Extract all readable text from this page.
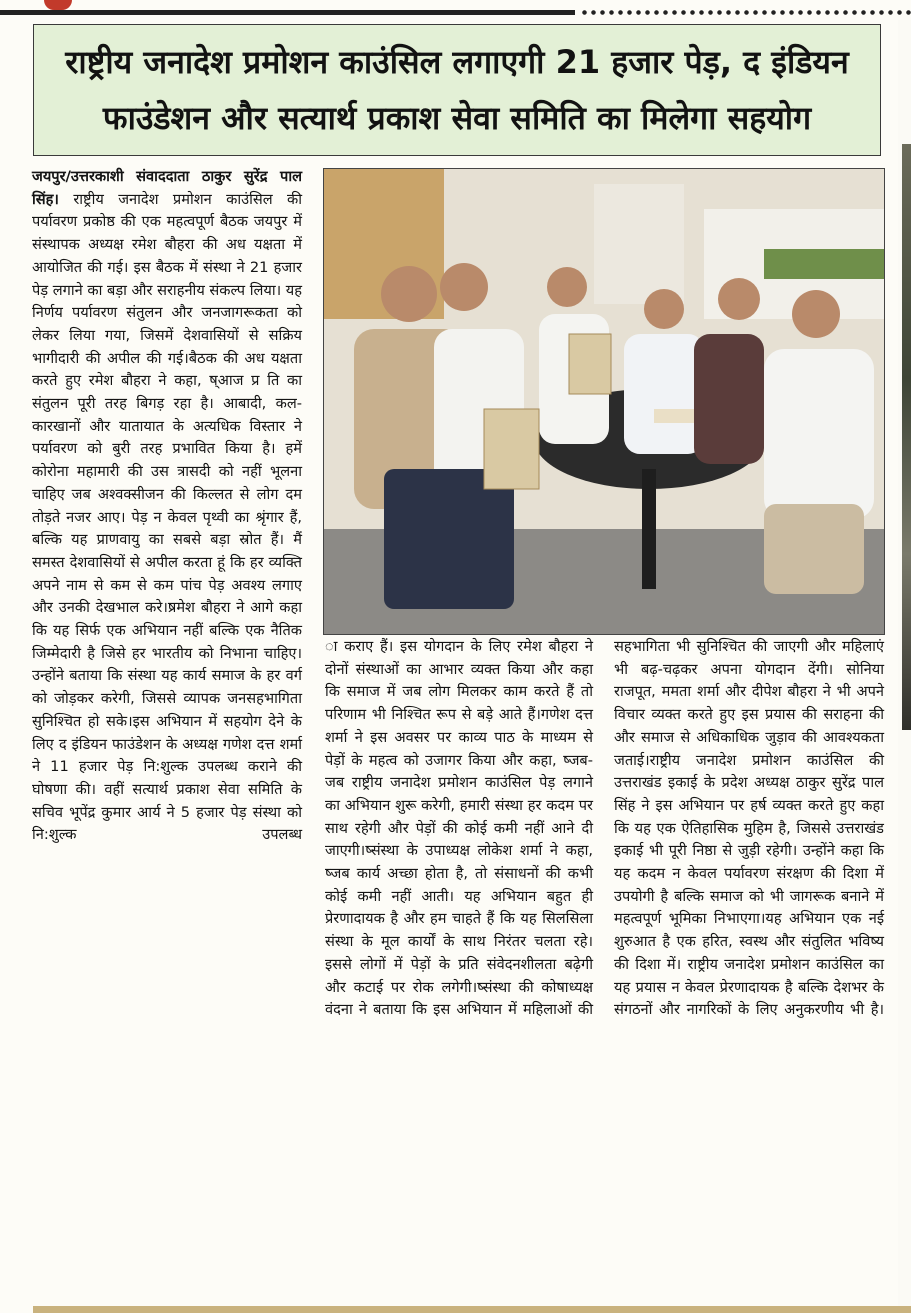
राष्ट्रीय जनादेश प्रमोशन काउंसिल लगाएगी 21 हजार पेड़, द इंडियन
फाउंडेशन और सत्यार्थ प्रकाश सेवा समिति का मिलेगा सहयोग

जयपुर/उत्तरकाशी संवाददाता ठाकुर सुरेंद्र पाल सिंह। राष्ट्रीय जनादेश प्रमोशन काउंसिल की पर्यावरण प्रकोष्ठ की एक महत्वपूर्ण बैठक जयपुर में संस्थापक अध्यक्ष रमेश बौहरा की अध यक्षता में आयोजित की गई। इस बैठक में संस्था ने 21 हजार पेड़ लगाने का बड़ा और सराहनीय संकल्प लिया। यह निर्णय पर्यावरण संतुलन और जनजागरूकता को लेकर लिया गया, जिसमें देशवासियों से सक्रिय भागीदारी की अपील की गई।बैठक की अध यक्षता करते हुए रमेश बौहरा ने कहा, ष्आज प्र ति का संतुलन पूरी तरह बिगड़ रहा है। आबादी, कल-कारखानों और यातायात के अत्यधिक विस्तार ने पर्यावरण को बुरी तरह प्रभावित किया है। हमें कोरोना महामारी की उस त्रासदी को नहीं भूलना चाहिए जब अश्वक्सीजन की किल्लत से लोग दम तोड़ते नजर आए। पेड़ न केवल पृथ्वी का श्रृंगार हैं, बल्कि यह प्राणवायु का सबसे बड़ा स्रोत हैं। मैं समस्त देशवासियों से अपील करता हूं कि हर व्यक्ति अपने नाम से कम से कम पांच पेड़ अवश्य लगाए और उनकी देखभाल करे।ष्रमेश बौहरा ने आगे कहा कि यह सिर्फ एक अभियान नहीं बल्कि एक नैतिक जिम्मेदारी है जिसे हर भारतीय को निभाना चाहिए। उन्होंने बताया कि संस्था यह कार्य समाज के हर वर्ग को जोड़कर करेगी, जिससे व्यापक जनसहभागिता सुनिश्चित हो सके।इस अभियान में सहयोग देने के लिए द इंडियन फाउंडेशन के अध्यक्ष गणेश दत्त शर्मा ने 11 हजार पेड़ नि:शुल्क उपलब्ध कराने की घोषणा की। वहीं सत्यार्थ प्रकाश सेवा समिति के सचिव भूपेंद्र कुमार आर्य ने 5 हजार पेड़ संस्था को नि:शुल्क उपलब्ध

ा कराए हैं। इस योगदान के लिए रमेश बौहरा ने दोनों संस्थाओं का आभार व्यक्त किया और कहा कि समाज में जब लोग मिलकर काम करते हैं तो परिणाम भी निश्चित रूप से बड़े आते हैं।गणेश दत्त शर्मा ने इस अवसर पर काव्य पाठ के माध्यम से पेड़ों के महत्व को उजागर किया और कहा, ष्जब-जब राष्ट्रीय जनादेश प्रमोशन काउंसिल पेड़ लगाने का अभियान शुरू करेगी, हमारी संस्था हर कदम पर साथ रहेगी और पेड़ों की कोई कमी नहीं आने दी जाएगी।ष्संस्था के उपाध्यक्ष लोकेश शर्मा ने कहा, ष्जब कार्य अच्छा होता है, तो संसाधनों की कभी कोई कमी नहीं आती। यह अभियान बहुत ही प्रेरणादायक है और हम चाहते हैं कि यह सिलसिला संस्था के मूल कार्यों के साथ निरंतर चलता रहे। इससे लोगों में पेड़ों के प्रति संवेदनशीलता बढ़ेगी और कटाई पर रोक लगेगी।ष्संस्था की कोषाध्यक्ष वंदना ने बताया कि इस अभियान में महिलाओं की

सहभागिता भी सुनिश्चित की जाएगी और महिलाएं भी बढ़-चढ़कर अपना योगदान देंगी। सोनिया राजपूत, ममता शर्मा और दीपेश बौहरा ने भी अपने विचार व्यक्त करते हुए इस प्रयास की सराहना की और समाज से अधिकाधिक जुड़ाव की आवश्यकता जताई।राष्ट्रीय जनादेश प्रमोशन काउंसिल की उत्तराखंड इकाई के प्रदेश अध्यक्ष ठाकुर सुरेंद्र पाल सिंह ने इस अभियान पर हर्ष व्यक्त करते हुए कहा कि यह एक ऐतिहासिक मुहिम है, जिससे उत्तराखंड इकाई भी पूरी निष्ठा से जुड़ी रहेगी। उन्होंने कहा कि यह कदम न केवल पर्यावरण संरक्षण की दिशा में उपयोगी है बल्कि समाज को भी जागरूक बनाने में महत्वपूर्ण भूमिका निभाएगा।यह अभियान एक नई शुरुआत है एक हरित, स्वस्थ और संतुलित भविष्य की दिशा में। राष्ट्रीय जनादेश प्रमोशन काउंसिल का यह प्रयास न केवल प्रेरणादायक है बल्कि देशभर के संगठनों और नागरिकों के लिए अनुकरणीय भी है।
